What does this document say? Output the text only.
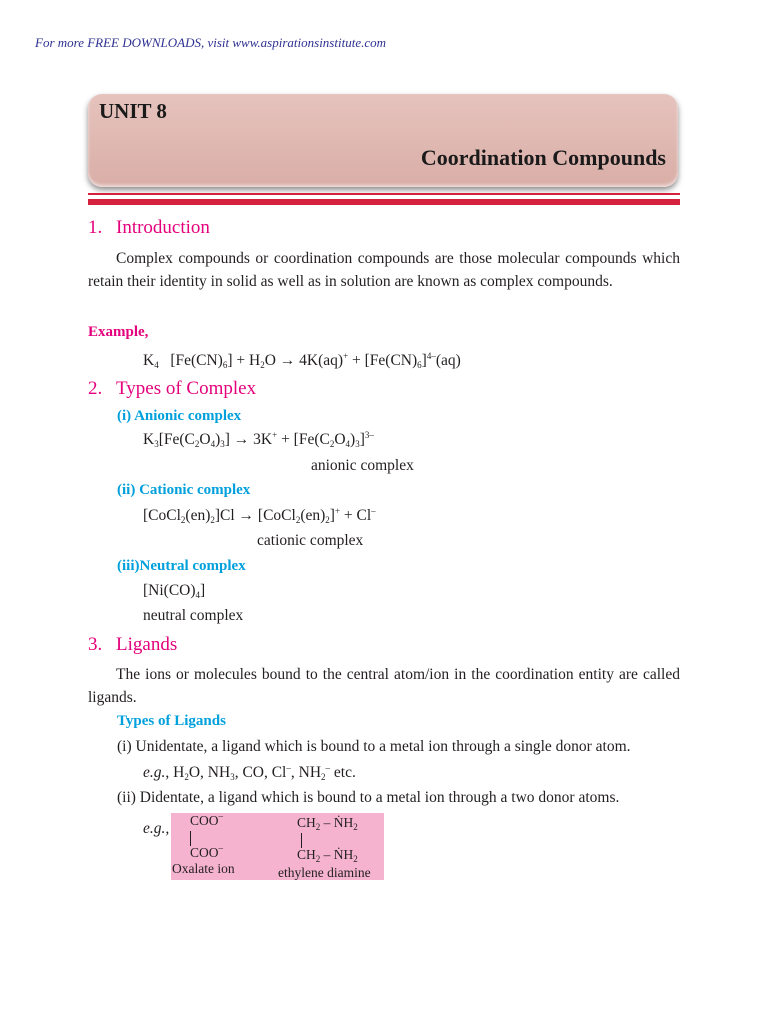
For more FREE DOWNLOADS, visit www.aspirationsinstitute.com
UNIT 8
Coordination Compounds
1. Introduction
Complex compounds or coordination compounds are those molecular compounds which retain their identity in solid as well as in solution are known as complex compounds.
Example,
$K_4$   $[Fe(CN)_6] + H_2O \to 4K(aq)^+ + [Fe(CN)_6]^{4-}(aq)$
2. Types of Complex
(i) Anionic complex
$K_3[Fe(C_2O_4)_3] \to 3K^+ + [Fe(C_2O_4)_3]^{3-}$
anionic complex
(ii) Cationic complex
$[CoCl_2(en)_2]Cl$ → $[CoCl_2(en)_2]^+ + Cl^-$
cationic complex
(iii)Neutral complex
$[Ni(CO)_4]$
neutral complex
3. Ligands
The ions or molecules bound to the central atom/ion in the coordination entity are called ligands.
Types of Ligands
(i) Unidentate, a ligand which is bound to a metal ion through a single donor atom.
e.g., $H_2O$, $NH_3$, CO, Cl–, $NH_2^-$ etc.
(ii) Didentate, a ligand which is bound to a metal ion through a two donor atoms.
e.g., COO–
COO–
Oxalate ion
$CH_2$ – $ṄH_2$
$CH_2$ – $ṄH_2$
ethylene diamine
